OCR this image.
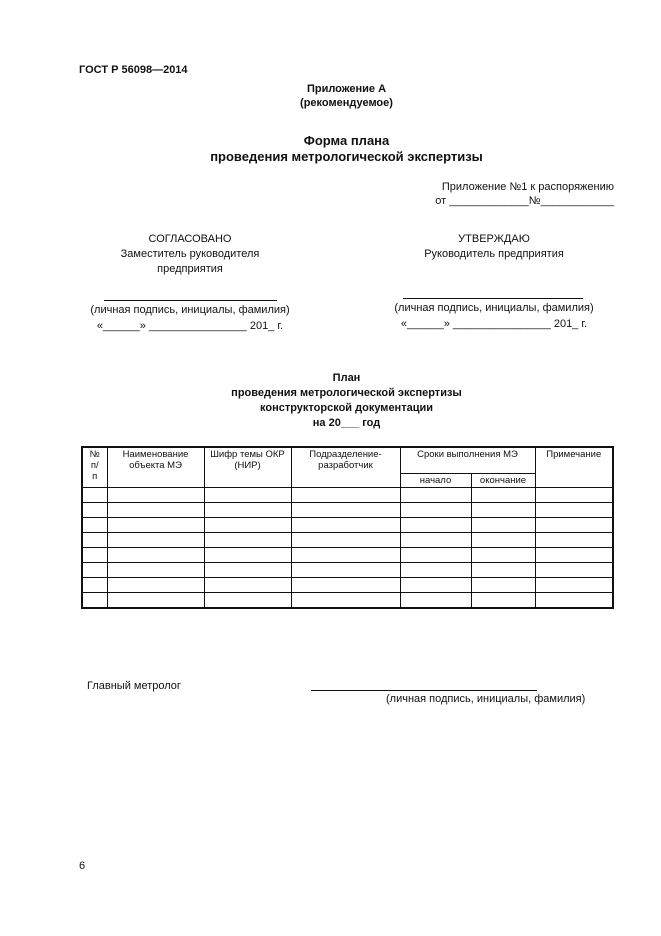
ГОСТ Р 56098—2014
Приложение А
(рекомендуемое)
Форма плана
проведения метрологической экспертизы
Приложение №1 к распоряжению
от _____________№____________
СОГЛАСОВАНО
Заместитель руководителя
предприятия
(личная подпись, инициалы, фамилия)
«______» ________________ 201_ г.
УТВЕРЖДАЮ
Руководитель предприятия
(личная подпись, инициалы, фамилия)
«______» ________________ 201_ г.
План
проведения метрологической экспертизы
конструкторской документации
на 20___ год
№ п/ п	Наименование объекта МЭ	Шифр темы ОКР (НИР)	Подразделение-разработчик	Сроки выполнения МЭ		Примечание
				начало	окончание	

Главный метролог
(личная подпись, инициалы, фамилия)
6
